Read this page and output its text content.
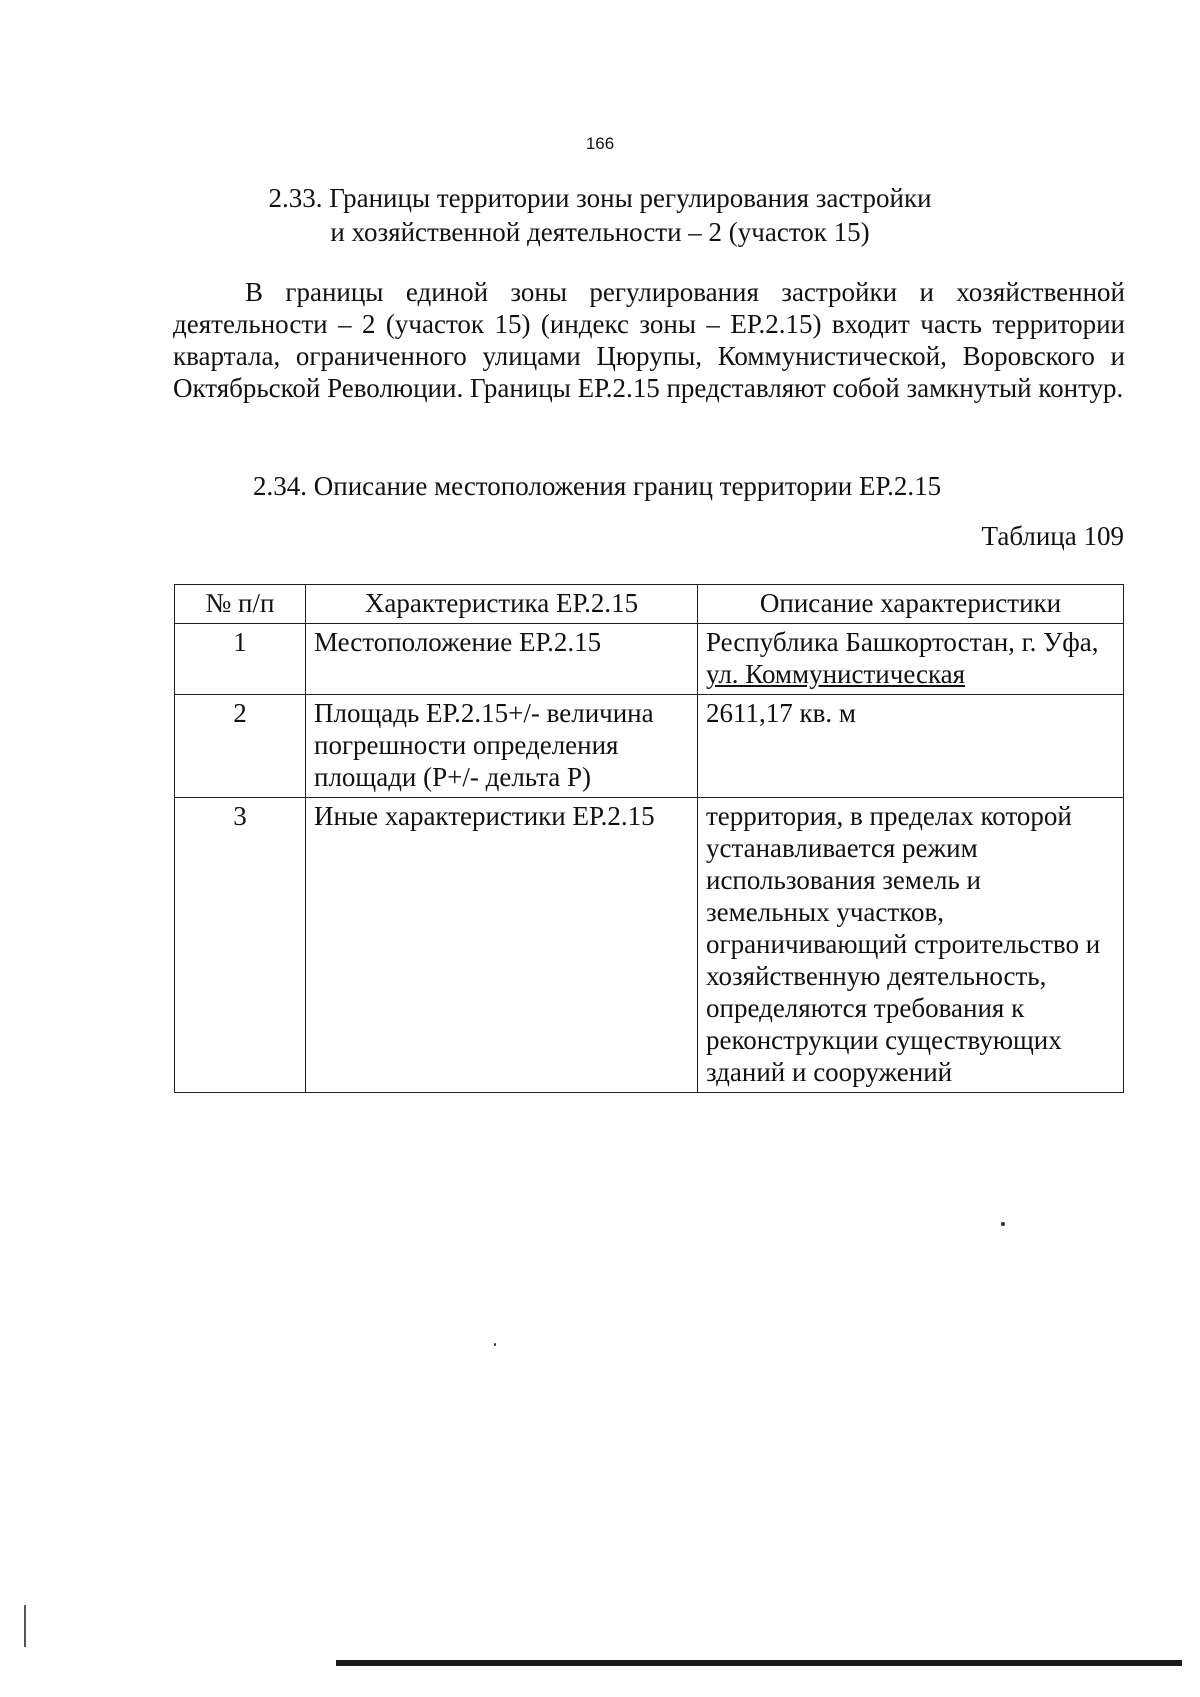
166
2.33. Границы территории зоны регулирования застройки
и хозяйственной деятельности – 2 (участок 15)

В границы единой зоны регулирования застройки и хозяйственной деятельности – 2 (участок 15) (индекс зоны – ЕР.2.15) входит часть территории квартала, ограниченного улицами Цюрупы, Коммунистической, Воровского и Октябрьской Революции. Границы ЕР.2.15 представляют собой замкнутый контур.

2.34. Описание местоположения границ территории ЕР.2.15
Таблица 109
№ п/п	Характеристика ЕР.2.15	Описание характеристики
1	Местоположение ЕР.2.15	Республика Башкортостан, г. Уфа,
ул. Коммунистическая

2	Площадь ЕР.2.15+/- величина погрешности определения площади (Р+/- дельта Р)	2611,17 кв. м
3	Иные характеристики ЕР.2.15	территория, в пределах которой устанавливается режим использования земель и земельных участков, ограничивающий строительство и хозяйственную деятельность, определяются требования к реконструкции существующих зданий и сооружений
